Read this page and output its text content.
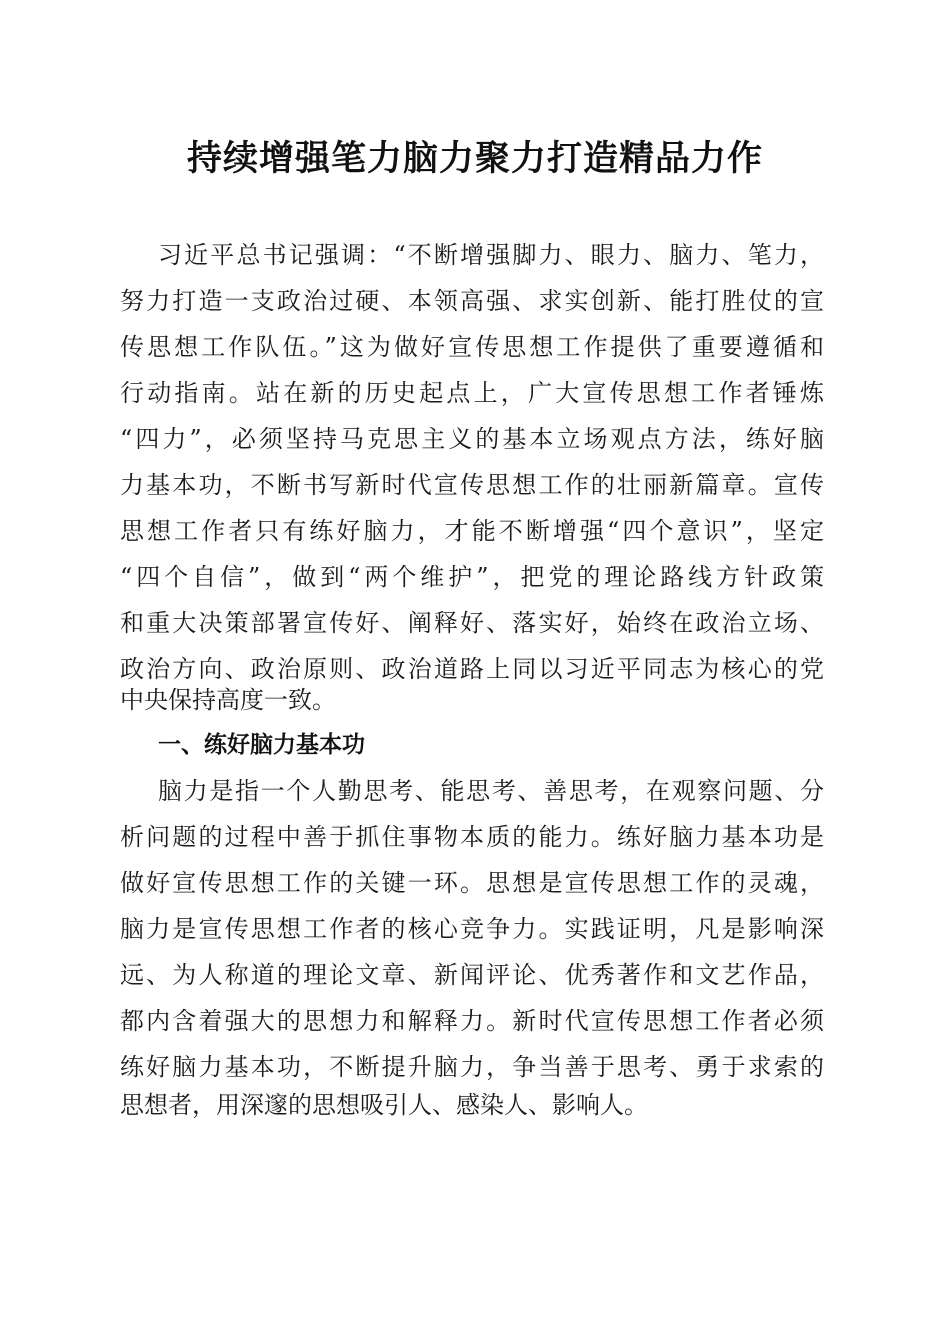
持续增强笔力脑力聚力打造精品力作
习近平总书记强调：“不断增强脚力、眼力、脑力、笔力，
努力打造一支政治过硬、本领高强、求实创新、能打胜仗的宣
传思想工作队伍。”这为做好宣传思想工作提供了重要遵循和
行动指南。站在新的历史起点上，广大宣传思想工作者锤炼
“四力”，必须坚持马克思主义的基本立场观点方法，练好脑
力基本功，不断书写新时代宣传思想工作的壮丽新篇章。宣传
思想工作者只有练好脑力，才能不断增强“四个意识”，坚定
“四个自信”，做到“两个维护”，把党的理论路线方针政策
和重大决策部署宣传好、阐释好、落实好，始终在政治立场、
政治方向、政治原则、政治道路上同以习近平同志为核心的党
中央保持高度一致。
一、练好脑力基本功
脑力是指一个人勤思考、能思考、善思考，在观察问题、分
析问题的过程中善于抓住事物本质的能力。练好脑力基本功是
做好宣传思想工作的关键一环。思想是宣传思想工作的灵魂，
脑力是宣传思想工作者的核心竞争力。实践证明，凡是影响深
远、为人称道的理论文章、新闻评论、优秀著作和文艺作品，
都内含着强大的思想力和解释力。新时代宣传思想工作者必须
练好脑力基本功，不断提升脑力，争当善于思考、勇于求索的
思想者，用深邃的思想吸引人、感染人、影响人。
